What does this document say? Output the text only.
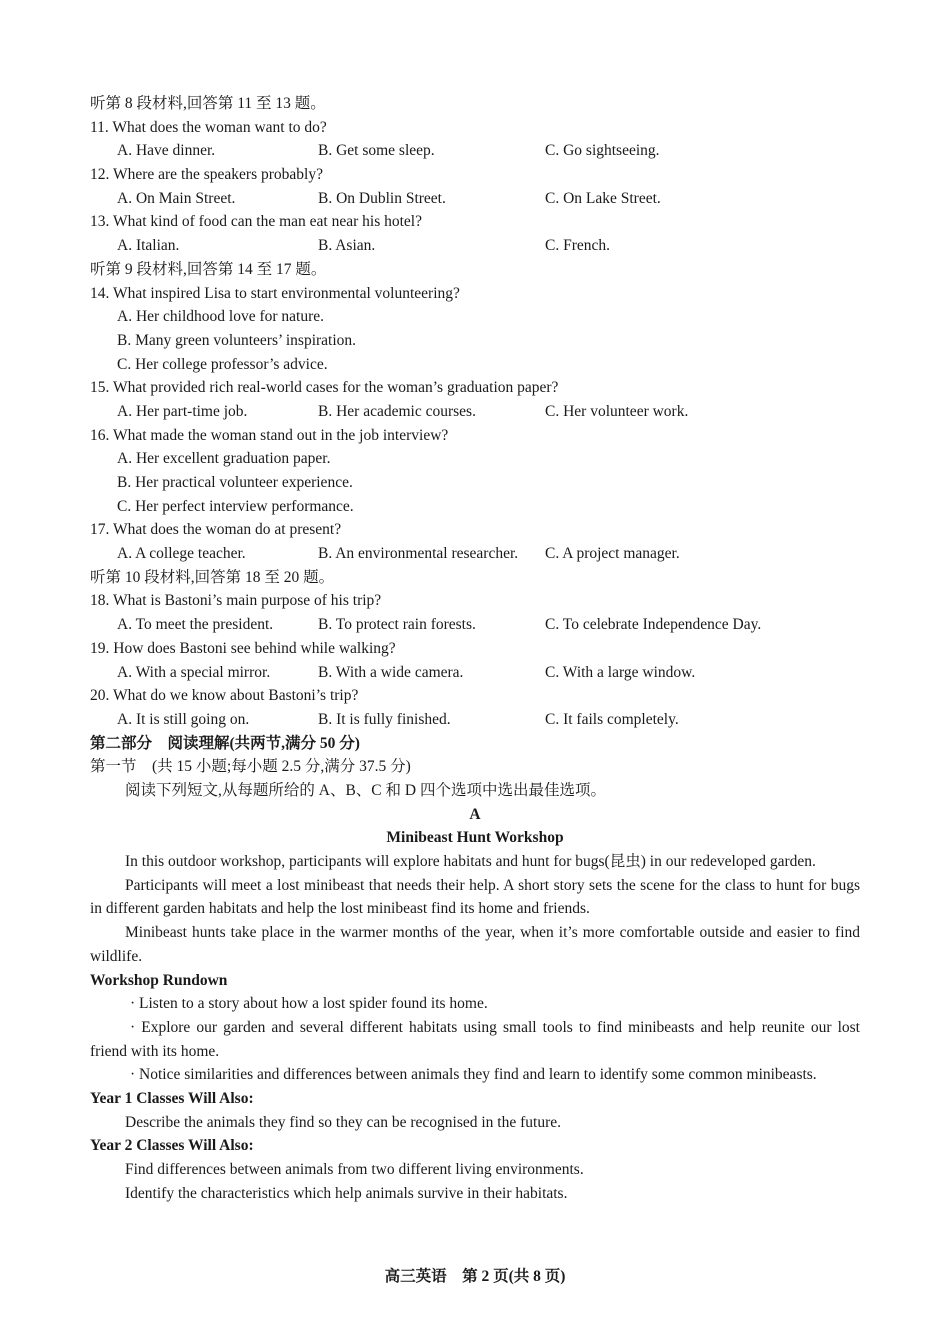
听第 8 段材料,回答第 11 至 13 题。
11. What does the woman want to do?
A. Have dinner.	B. Get some sleep.	C. Go sightseeing.
12. Where are the speakers probably?
A. On Main Street.	B. On Dublin Street.	C. On Lake Street.
13. What kind of food can the man eat near his hotel?
A. Italian.	B. Asian.	C. French.
听第 9 段材料,回答第 14 至 17 题。
14. What inspired Lisa to start environmental volunteering?
A. Her childhood love for nature.
B. Many green volunteers’ inspiration.
C. Her college professor’s advice.
15. What provided rich real-world cases for the woman’s graduation paper?
A. Her part-time job.	B. Her academic courses.	C. Her volunteer work.
16. What made the woman stand out in the job interview?
A. Her excellent graduation paper.
B. Her practical volunteer experience.
C. Her perfect interview performance.
17. What does the woman do at present?
A. A college teacher.	B. An environmental researcher. C. A project manager.
听第 10 段材料,回答第 18 至 20 题。
18. What is Bastoni’s main purpose of his trip?
A. To meet the president.	B. To protect rain forests.	C. To celebrate Independence Day.
19. How does Bastoni see behind while walking?
A. With a special mirror.	B. With a wide camera.	C. With a large window.
20. What do we know about Bastoni’s trip?
A. It is still going on.	B. It is fully finished.	C. It fails completely.
第二部分　阅读理解(共两节,满分 50 分)
第一节　(共 15 小题;每小题 2.5 分,满分 37.5 分)
阅读下列短文,从每题所给的 A、B、C 和 D 四个选项中选出最佳选项。
A
Minibeast Hunt Workshop
In this outdoor workshop, participants will explore habitats and hunt for bugs(昆虫) in our redeveloped garden.
Participants will meet a lost minibeast that needs their help. A short story sets the scene for the class to hunt for bugs in different garden habitats and help the lost minibeast find its home and friends.
Minibeast hunts take place in the warmer months of the year, when it’s more comfortable outside and easier to find wildlife.
Workshop Rundown
· Listen to a story about how a lost spider found its home.
· Explore our garden and several different habitats using small tools to find minibeasts and help reunite our lost friend with its home.
· Notice similarities and differences between animals they find and learn to identify some common minibeasts.
Year 1 Classes Will Also:
Describe the animals they find so they can be recognised in the future.
Year 2 Classes Will Also:
Find differences between animals from two different living environments.
Identify the characteristics which help animals survive in their habitats.
高三英语　第 2 页(共 8 页)
